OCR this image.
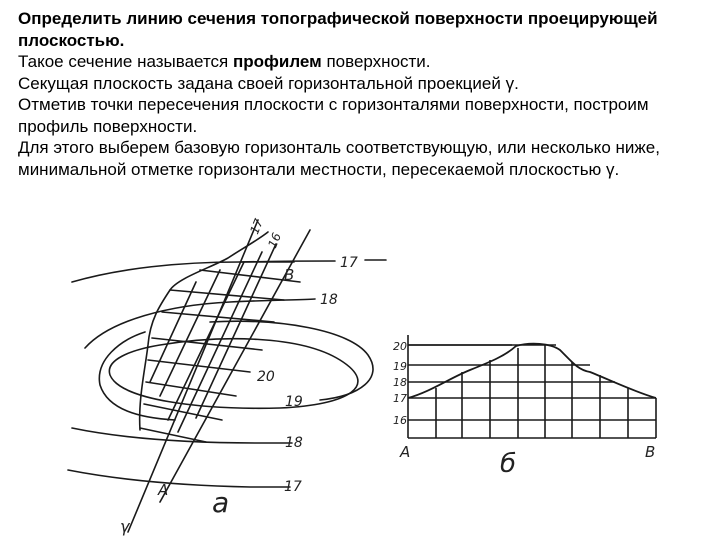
17
18
20
19
18
17
17
16
B
A
γ
а
20
19
18
17
16
A	B
б

Определить линию сечения топографической поверхности проецирующей плоскостью.

Такое сечение называется профилем поверхности.

Секущая плоскость задана своей горизонтальной проекцией γ.

Отметив точки пересечения плоскости с горизонталями поверхности, построим профиль поверхности.

Для этого выберем базовую горизонталь соответствующую, или несколько ниже, минимальной отметке горизонтали местности, пересекаемой плоскостью γ.
